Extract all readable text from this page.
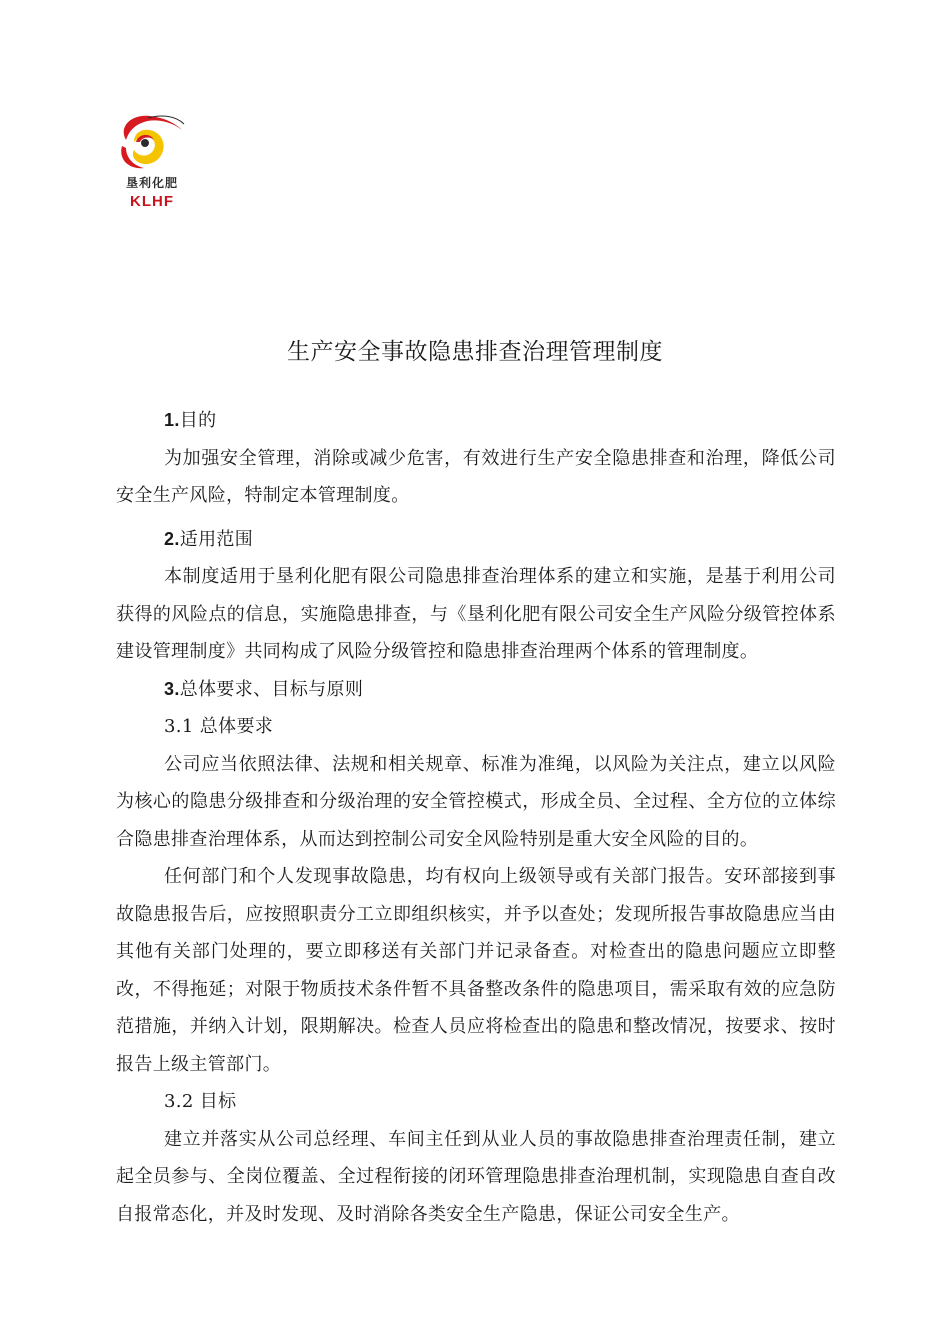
垦利化肥
KLHF
生产安全事故隐患排查治理管理制度

1.目的

为加强安全管理，消除或减少危害，有效进行生产安全隐患排查和治理，降低公司安全生产风险，特制定本管理制度。

2.适用范围

本制度适用于垦利化肥有限公司隐患排查治理体系的建立和实施，是基于利用公司获得的风险点的信息，实施隐患排查，与《垦利化肥有限公司安全生产风险分级管控体系建设管理制度》共同构成了风险分级管控和隐患排查治理两个体系的管理制度。

3.总体要求、目标与原则

3.1 总体要求

公司应当依照法律、法规和相关规章、标准为准绳，以风险为关注点，建立以风险为核心的隐患分级排查和分级治理的安全管控模式，形成全员、全过程、全方位的立体综合隐患排查治理体系，从而达到控制公司安全风险特别是重大安全风险的目的。

任何部门和个人发现事故隐患，均有权向上级领导或有关部门报告。安环部接到事故隐患报告后，应按照职责分工立即组织核实，并予以查处；发现所报告事故隐患应当由其他有关部门处理的，要立即移送有关部门并记录备查。对检查出的隐患问题应立即整改，不得拖延；对限于物质技术条件暂不具备整改条件的隐患项目，需采取有效的应急防范措施，并纳入计划，限期解决。检查人员应将检查出的隐患和整改情况，按要求、按时报告上级主管部门。

3.2 目标

建立并落实从公司总经理、车间主任到从业人员的事故隐患排查治理责任制，建立起全员参与、全岗位覆盖、全过程衔接的闭环管理隐患排查治理机制，实现隐患自查自改自报常态化，并及时发现、及时消除各类安全生产隐患，保证公司安全生产。
